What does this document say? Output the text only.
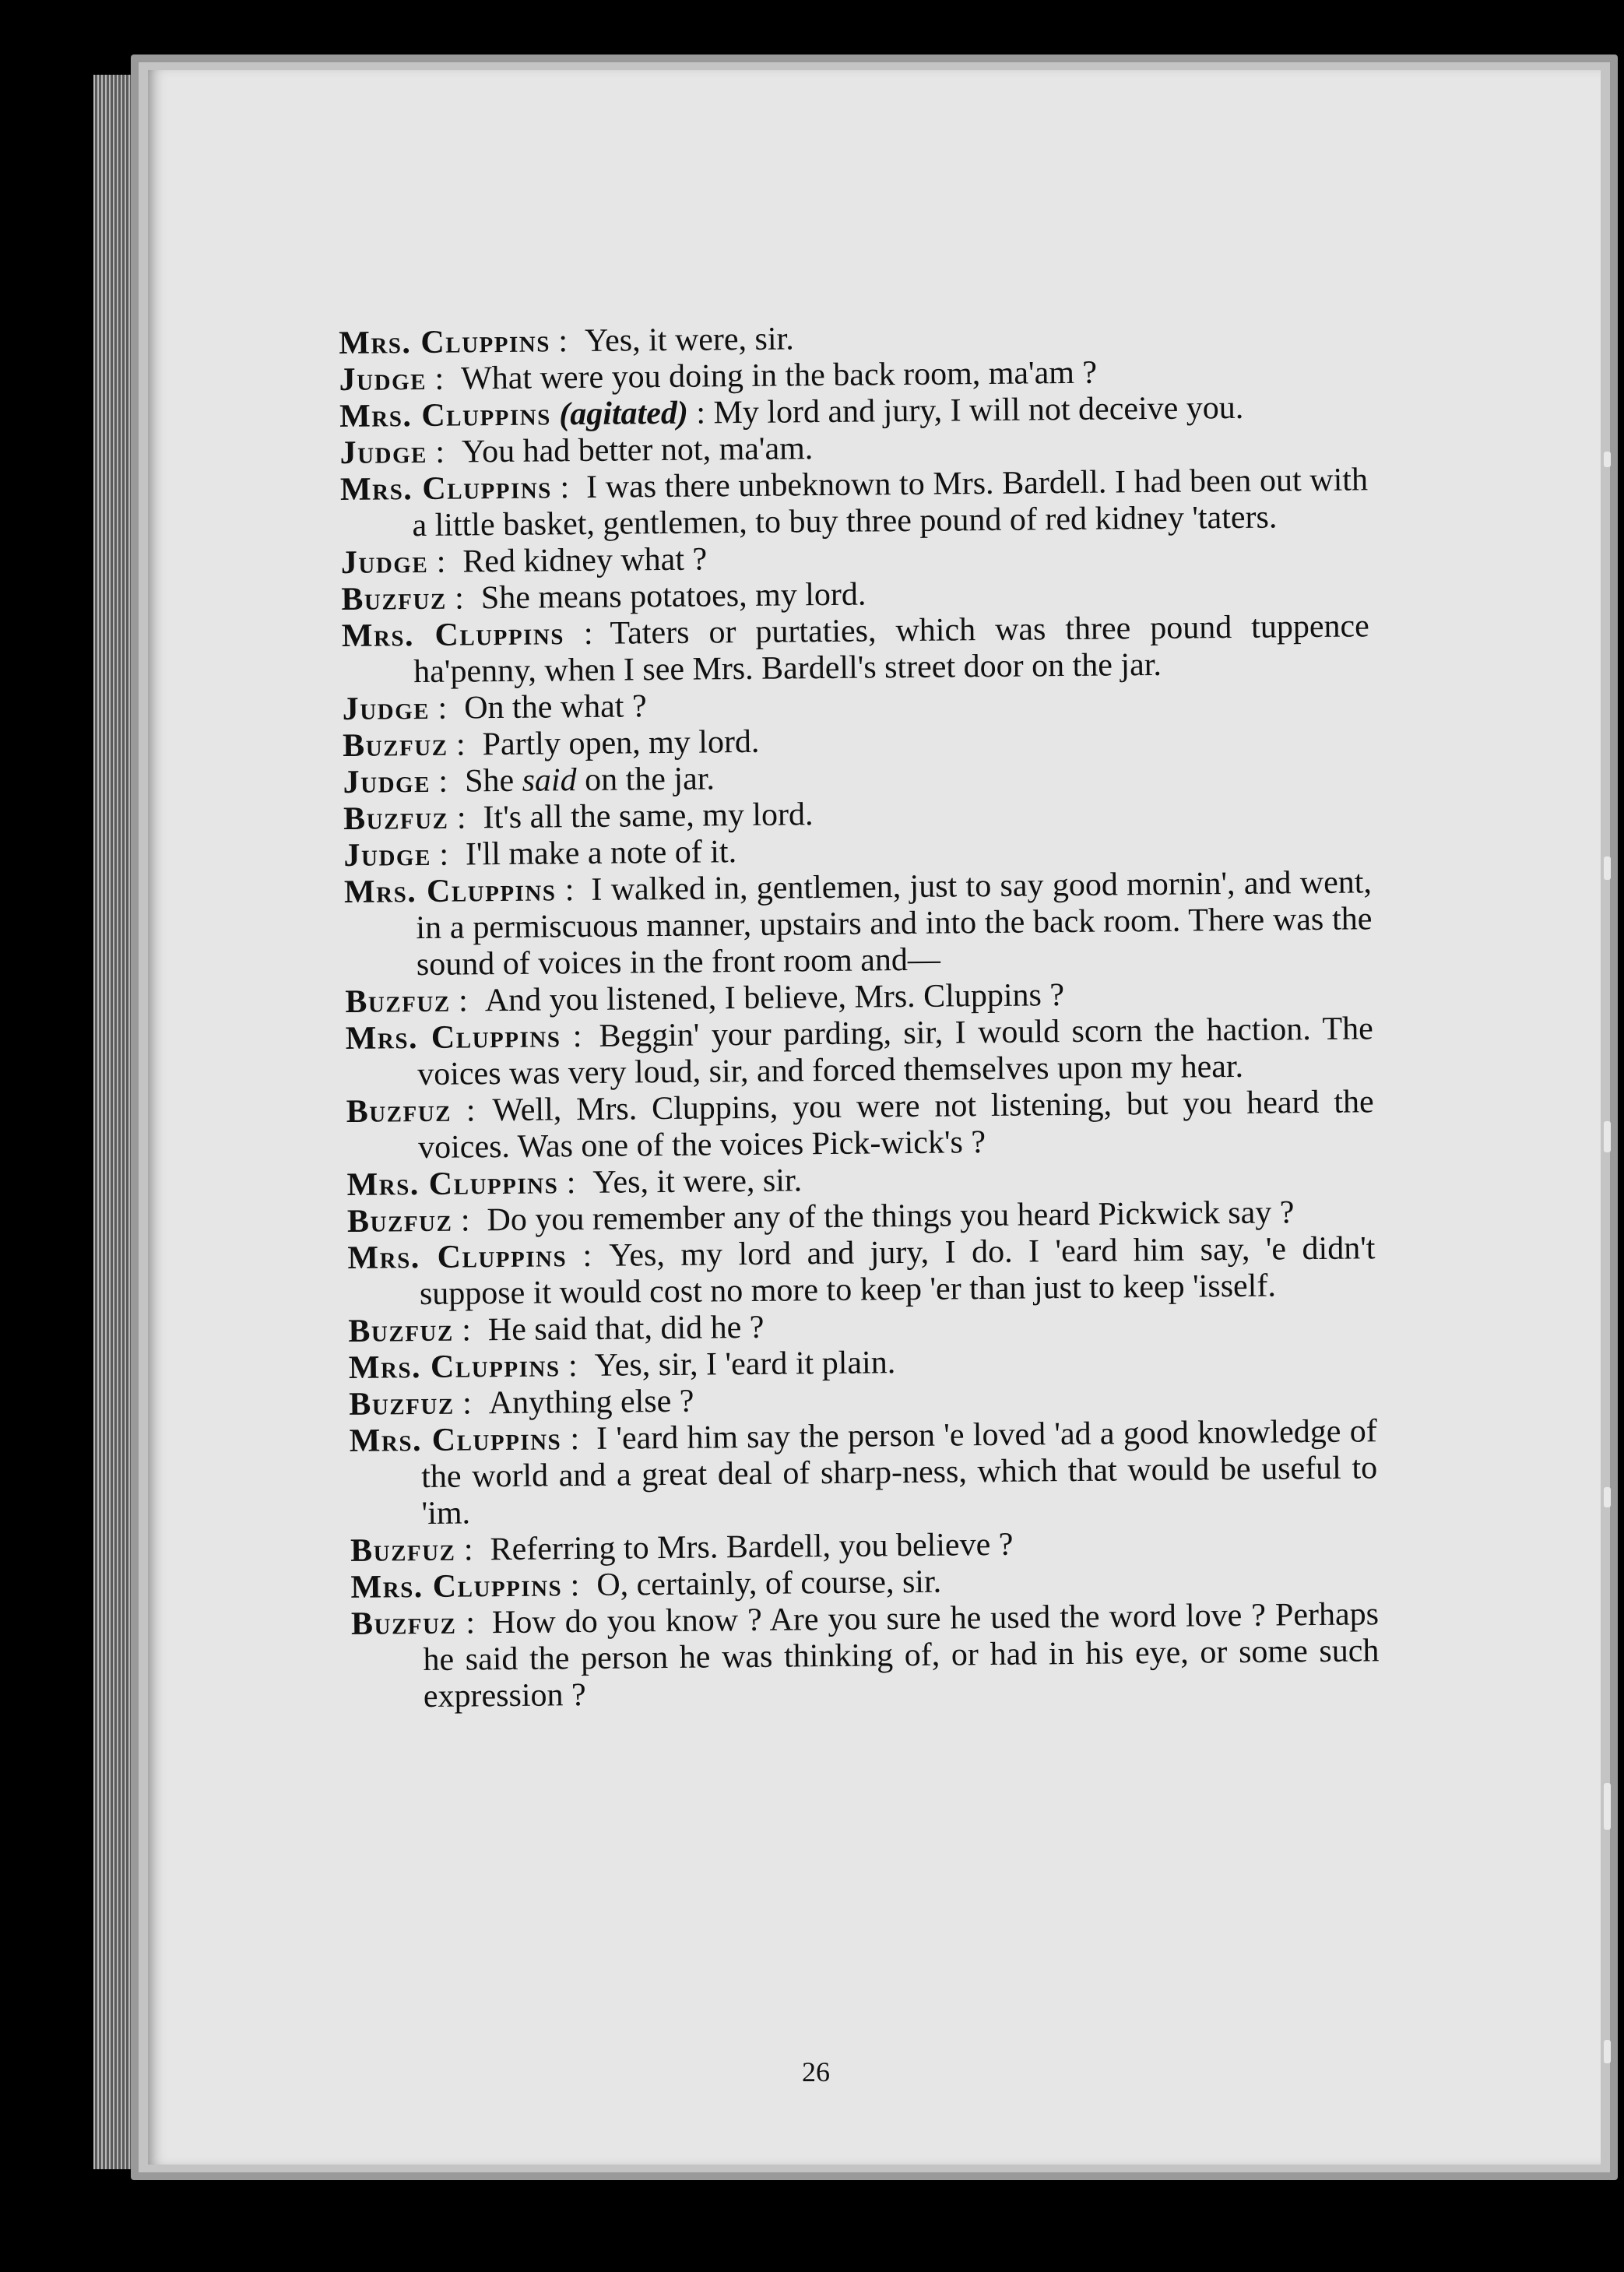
Mrs. Cluppins : Yes, it were, sir.

Judge : What were you doing in the back room, ma'am ?

Mrs. Cluppins (agitated) : My lord and jury, I will not deceive you.

Judge : You had better not, ma'am.

Mrs. Cluppins : I was there unbeknown to Mrs. Bardell. I had been out with a little basket, gentlemen, to buy three pound of red kidney 'taters.

Judge : Red kidney what ?

Buzfuz : She means potatoes, my lord.

Mrs. Cluppins : Taters or purtaties, which was three pound tuppence ha'penny, when I see Mrs. Bardell's street door on the jar.

Judge : On the what ?

Buzfuz : Partly open, my lord.

Judge : She said on the jar.

Buzfuz : It's all the same, my lord.

Judge : I'll make a note of it.

Mrs. Cluppins : I walked in, gentlemen, just to say good mornin', and went, in a permiscuous manner, upstairs and into the back room. There was the sound of voices in the front room and—

Buzfuz : And you listened, I believe, Mrs. Cluppins ?

Mrs. Cluppins : Beggin' your parding, sir, I would scorn the haction. The voices was very loud, sir, and forced themselves upon my hear.

Buzfuz : Well, Mrs. Cluppins, you were not listening, but you heard the voices. Was one of the voices Pick-wick's ?

Mrs. Cluppins : Yes, it were, sir.

Buzfuz : Do you remember any of the things you heard Pickwick say ?

Mrs. Cluppins : Yes, my lord and jury, I do. I 'eard him say, 'e didn't suppose it would cost no more to keep 'er than just to keep 'isself.

Buzfuz : He said that, did he ?

Mrs. Cluppins : Yes, sir, I 'eard it plain.

Buzfuz : Anything else ?

Mrs. Cluppins : I 'eard him say the person 'e loved 'ad a good knowledge of the world and a great deal of sharp-ness, which that would be useful to 'im.

Buzfuz : Referring to Mrs. Bardell, you believe ?

Mrs. Cluppins : O, certainly, of course, sir.

Buzfuz : How do you know ? Are you sure he used the word love ? Perhaps he said the person he was thinking of, or had in his eye, or some such expression ?

26
